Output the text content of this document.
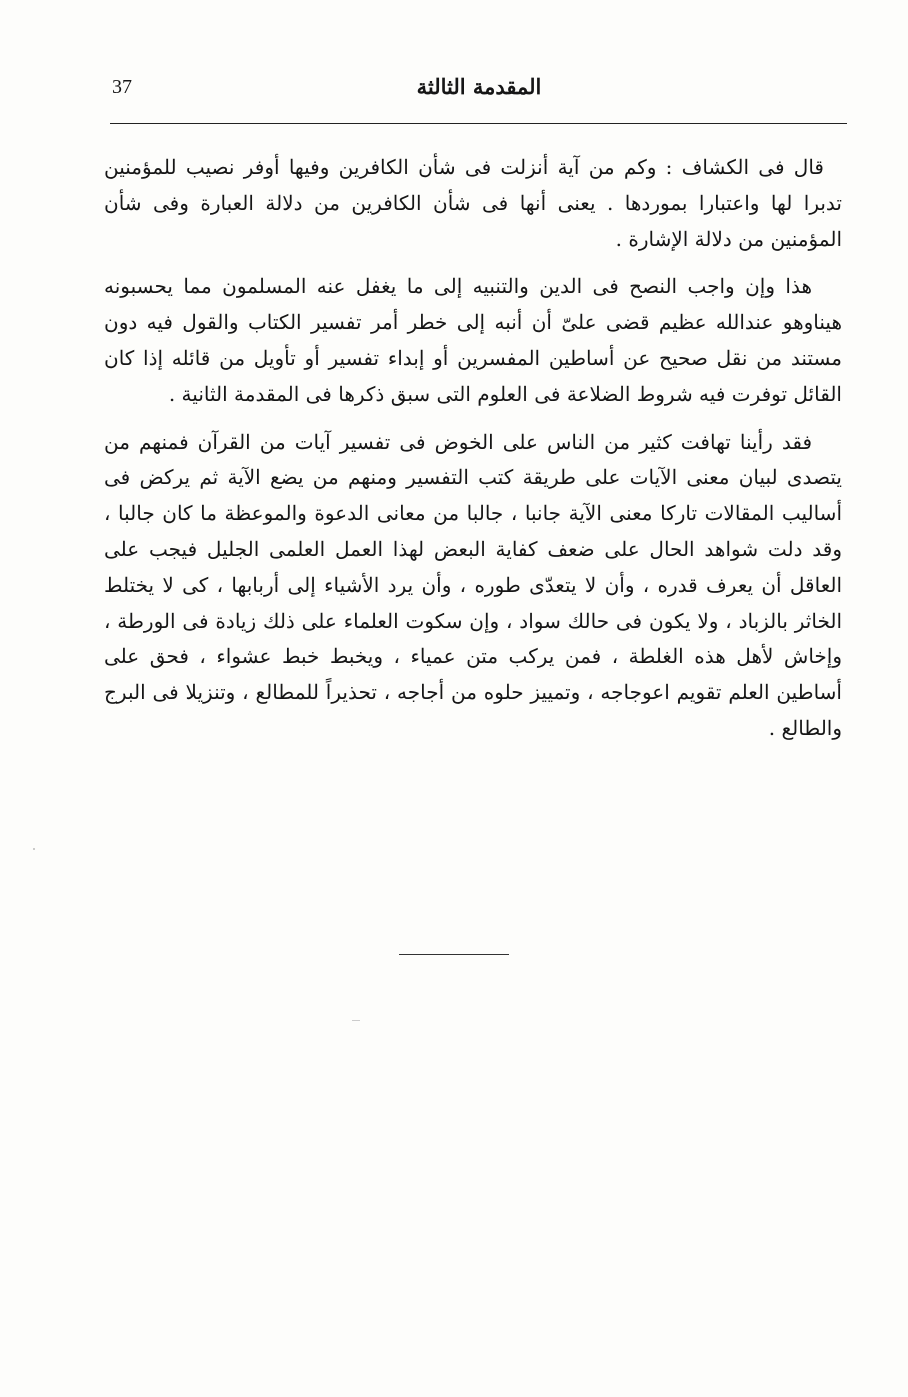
37	المقدمة الثالثة

قال فى الكشاف : وكم من آية أنزلت فى شأن الكافرين وفيها أوفر نصيب للمؤمنين تدبرا لها واعتبارا بموردها . يعنى أنها فى شأن الكافرين من دلالة العبارة وفى شأن المؤمنين من دلالة الإشارة .

هذا وإن واجب النصح فى الدين والتنبيه إلى ما يغفل عنه المسلمون مما يحسبونه هيناوهو عندالله عظيم قضى علىّ أن أنبه إلى خطر أمر تفسير الكتاب والقول فيه دون مستند من نقل صحيح عن أساطين المفسرين أو إبداء تفسير أو تأويل من قائله إذا كان القائل توفرت فيه شروط الضلاعة فى العلوم التى سبق ذكرها فى المقدمة الثانية .

فقد رأينا تهافت كثير من الناس على الخوض فى تفسير آيات من القرآن فمنهم من يتصدى لبيان معنى الآيات على طريقة كتب التفسير ومنهم من يضع الآية ثم يركض فى أساليب المقالات تاركا معنى الآية جانبا ، جالبا من معانى الدعوة والموعظة ما كان جالبا ، وقد دلت شواهد الحال على ضعف كفاية البعض لهذا العمل العلمى الجليل فيجب على العاقل أن يعرف قدره ، وأن لا يتعدّى طوره ، وأن يرد الأشياء إلى أربابها ، كى لا يختلط الخاثر بالزباد ، ولا يكون فى حالك سواد ، وإن سكوت العلماء على ذلك زيادة فى الورطة ، وإخاش لأهل هذه الغلطة ، فمن يركب متن عمياء ، ويخبط خبط عشواء ، فحق على أساطين العلم تقويم اعوجاجه ، وتمييز حلوه من أجاجه ، تحذيراً للمطالع ، وتنزيلا فى البرج والطالع .
